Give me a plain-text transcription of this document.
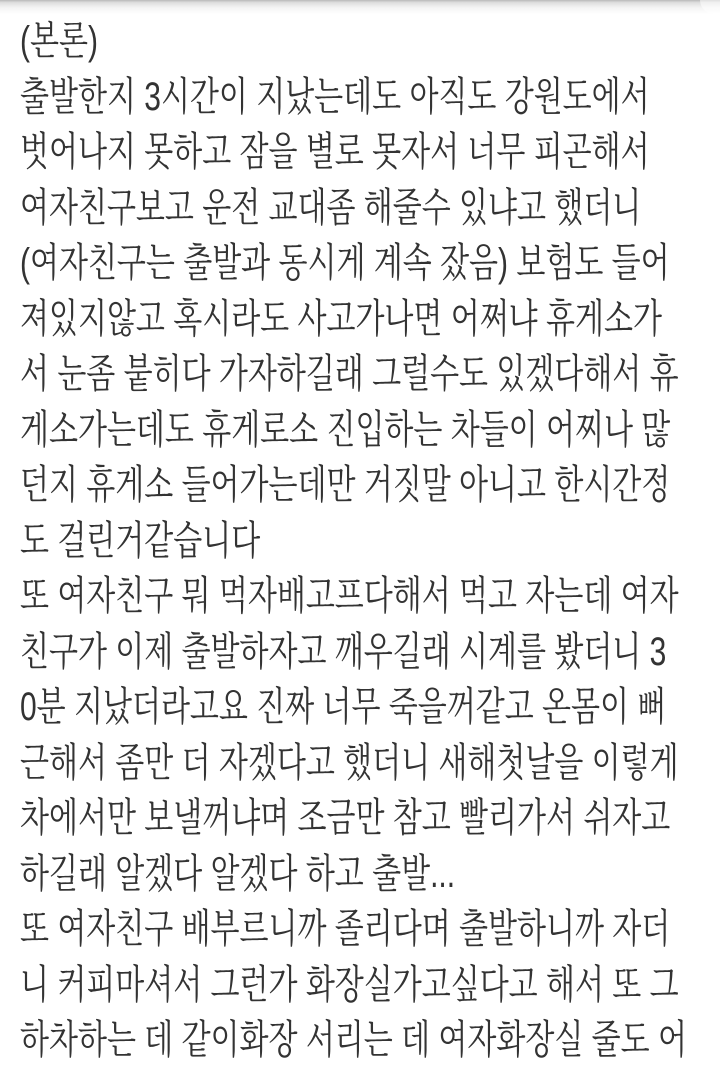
(본론)
출발한지 3시간이 지났는데도 아직도 강원도에서
벗어나지 못하고 잠을 별로 못자서 너무 피곤해서
여자친구보고 운전 교대좀 해줄수 있냐고 했더니
(여자친구는 출발과 동시게 계속 잤음) 보험도 들어
져있지않고 혹시라도 사고가나면 어쩌냐 휴게소가
서 눈좀 붙히다 가자하길래 그럴수도 있겠다해서 휴
게소가는데도 휴게로소 진입하는 차들이 어찌나 많
던지 휴게소 들어가는데만 거짓말 아니고 한시간정
도 걸린거같습니다
또 여자친구 뭐 먹자배고프다해서 먹고 자는데 여자
친구가 이제 출발하자고 깨우길래 시계를 봤더니 3
0분 지났더라고요 진짜 너무 죽을꺼같고 온몸이 뻐
근해서 좀만 더 자겠다고 했더니 새해첫날을 이렇게
차에서만 보낼꺼냐며 조금만 참고 빨리가서 쉬자고
하길래 알겠다 알겠다 하고 출발...
또 여자친구 배부르니까 졸리다며 출발하니까 자더
니 커피마셔서 그런가 화장실가고싶다고 해서 또 그
하차하는 데 같이화장 서리는 데 여자화장실 줄도 어
